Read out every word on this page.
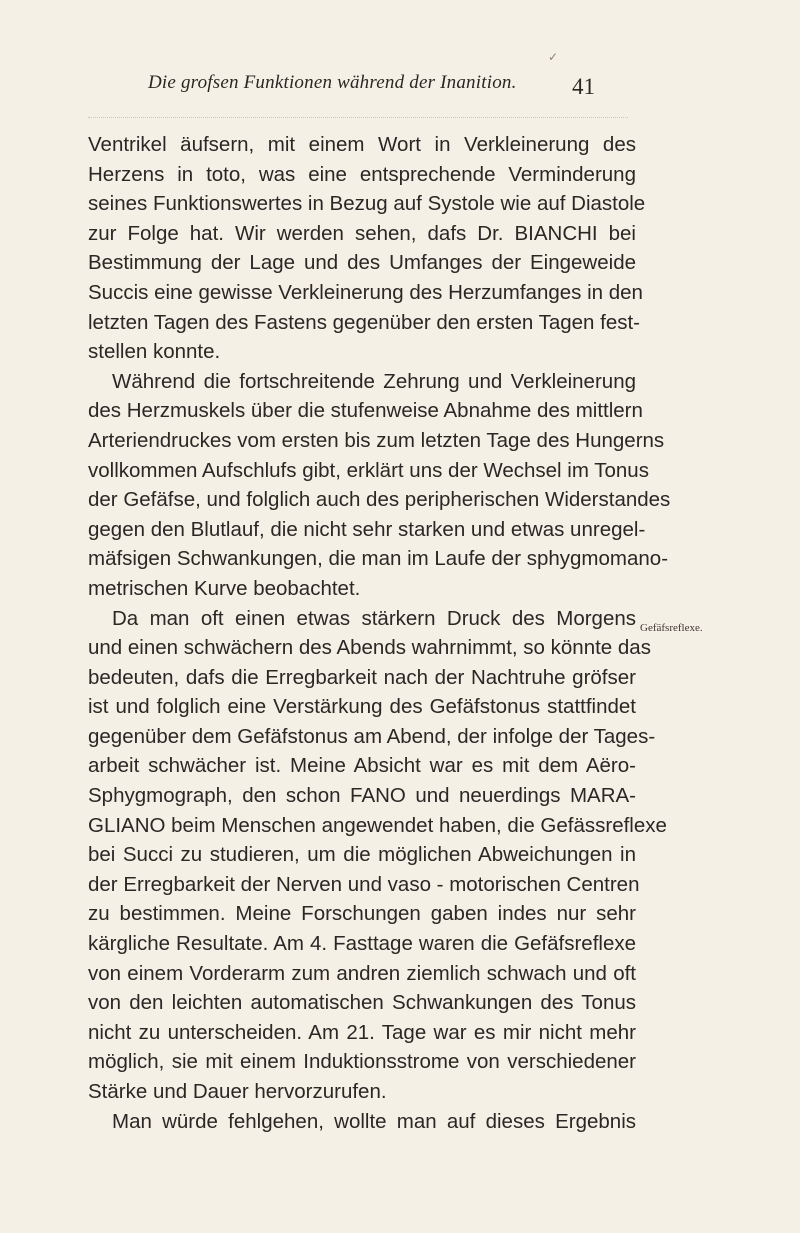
✓
Die grofsen Funktionen während der Inanition. 41
Ventrikel äufsern, mit einem Wort in Verkleinerung des
Herzens in toto, was eine entsprechende Verminderung
seines Funktionswertes in Bezug auf Systole wie auf Diastole
zur Folge hat. Wir werden sehen, dafs Dr. BIANCHI bei
Bestimmung der Lage und des Umfanges der Eingeweide
Succis eine gewisse Verkleinerung des Herzumfanges in den
letzten Tagen des Fastens gegenüber den ersten Tagen fest-
stellen konnte.
Während die fortschreitende Zehrung und Verkleinerung
des Herzmuskels über die stufenweise Abnahme des mittlern
Arteriendruckes vom ersten bis zum letzten Tage des Hungerns
vollkommen Aufschlufs gibt, erklärt uns der Wechsel im Tonus
der Gefäfse, und folglich auch des peripherischen Widerstandes
gegen den Blutlauf, die nicht sehr starken und etwas unregel-
mäfsigen Schwankungen, die man im Laufe der sphygmomano-
metrischen Kurve beobachtet.
Da man oft einen etwas stärkern Druck des Morgens
und einen schwächern des Abends wahrnimmt, so könnte das
bedeuten, dafs die Erregbarkeit nach der Nachtruhe gröfser
ist und folglich eine Verstärkung des Gefäfstonus stattfindet
gegenüber dem Gefäfstonus am Abend, der infolge der Tages-
arbeit schwächer ist. Meine Absicht war es mit dem Aëro-
Sphygmograph, den schon FANO und neuerdings MARA-
GLIANO beim Menschen angewendet haben, die Gefässreflexe
bei Succi zu studieren, um die möglichen Abweichungen in
der Erregbarkeit der Nerven und vaso - motorischen Centren
zu bestimmen. Meine Forschungen gaben indes nur sehr
kärgliche Resultate. Am 4. Fasttage waren die Gefäfsreflexe
von einem Vorderarm zum andren ziemlich schwach und oft
von den leichten automatischen Schwankungen des Tonus
nicht zu unterscheiden. Am 21. Tage war es mir nicht mehr
möglich, sie mit einem Induktionsstrome von verschiedener
Stärke und Dauer hervorzurufen.
Man würde fehlgehen, wollte man auf dieses Ergebnis
Gefäfsreflexe.
